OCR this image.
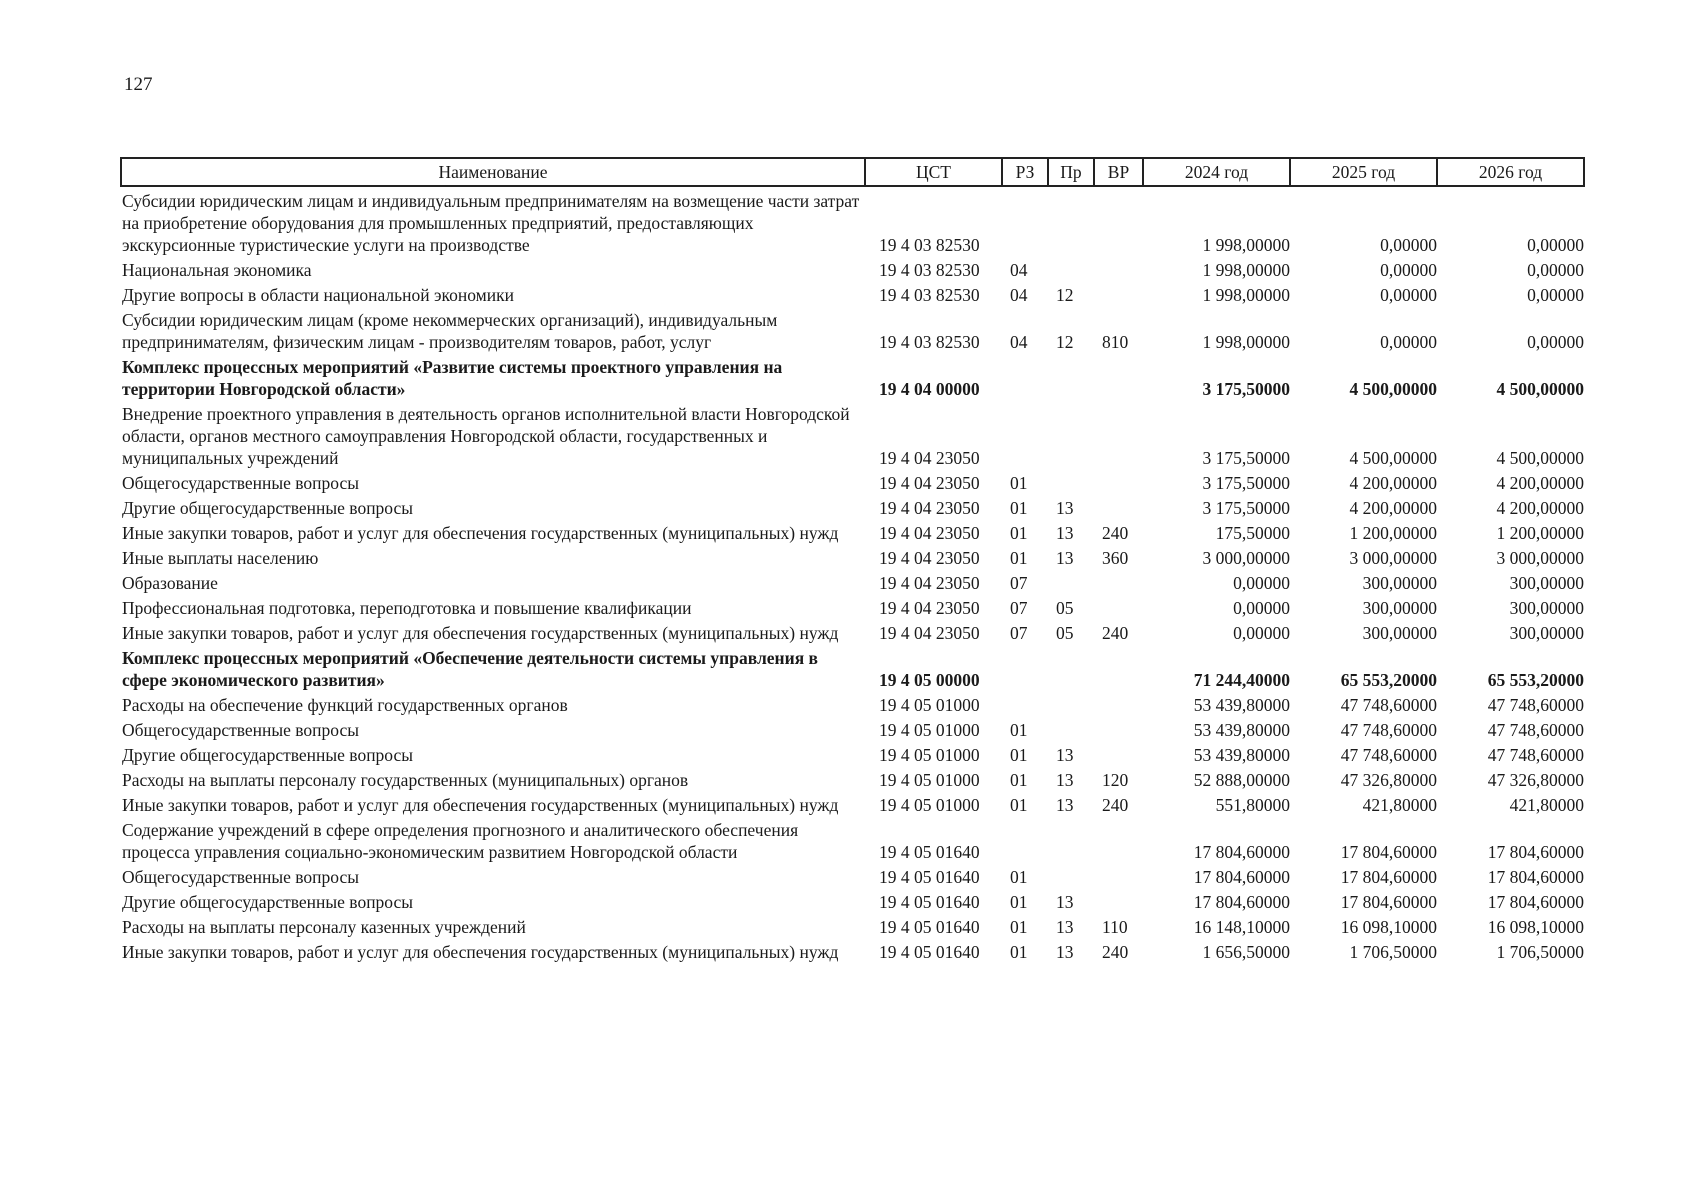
127
Наименование	ЦСТ	РЗ	Пр	ВР	2024 год	2025 год	2026 год
Субсидии юридическим лицам и индивидуальным предпринимателям на возмещение части затрат на приобретение оборудования для промышленных предприятий, предоставляющих экскурсионные туристические услуги на производстве	19 4 03 82530				1 998,00000	0,00000	0,00000
Национальная экономика	19 4 03 82530	04			1 998,00000	0,00000	0,00000
Другие вопросы в области национальной экономики	19 4 03 82530	04	12		1 998,00000	0,00000	0,00000
Субсидии юридическим лицам (кроме некоммерческих организаций), индивидуальным предпринимателям, физическим лицам - производителям товаров, работ, услуг	19 4 03 82530	04	12	810	1 998,00000	0,00000	0,00000
Комплекс процессных мероприятий «Развитие системы проектного управления на территории Новгородской области»	19 4 04 00000				3 175,50000	4 500,00000	4 500,00000
Внедрение проектного управления в деятельность органов исполнительной власти Новгородской области, органов местного самоуправления Новгородской области, государственных и муниципальных учреждений	19 4 04 23050				3 175,50000	4 500,00000	4 500,00000
Общегосударственные вопросы	19 4 04 23050	01			3 175,50000	4 200,00000	4 200,00000
Другие общегосударственные вопросы	19 4 04 23050	01	13		3 175,50000	4 200,00000	4 200,00000
Иные закупки товаров, работ и услуг для обеспечения государственных (муниципальных) нужд	19 4 04 23050	01	13	240	175,50000	1 200,00000	1 200,00000
Иные выплаты населению	19 4 04 23050	01	13	360	3 000,00000	3 000,00000	3 000,00000
Образование	19 4 04 23050	07			0,00000	300,00000	300,00000
Профессиональная подготовка, переподготовка и повышение квалификации	19 4 04 23050	07	05		0,00000	300,00000	300,00000
Иные закупки товаров, работ и услуг для обеспечения государственных (муниципальных) нужд	19 4 04 23050	07	05	240	0,00000	300,00000	300,00000
Комплекс процессных мероприятий «Обеспечение деятельности системы управления в сфере экономического развития»	19 4 05 00000				71 244,40000	65 553,20000	65 553,20000
Расходы на обеспечение функций государственных органов	19 4 05 01000				53 439,80000	47 748,60000	47 748,60000
Общегосударственные вопросы	19 4 05 01000	01			53 439,80000	47 748,60000	47 748,60000
Другие общегосударственные вопросы	19 4 05 01000	01	13		53 439,80000	47 748,60000	47 748,60000
Расходы на выплаты персоналу государственных (муниципальных) органов	19 4 05 01000	01	13	120	52 888,00000	47 326,80000	47 326,80000
Иные закупки товаров, работ и услуг для обеспечения государственных (муниципальных) нужд	19 4 05 01000	01	13	240	551,80000	421,80000	421,80000
Содержание учреждений в сфере определения прогнозного и аналитического обеспечения процесса управления социально-экономическим развитием Новгородской области	19 4 05 01640				17 804,60000	17 804,60000	17 804,60000
Общегосударственные вопросы	19 4 05 01640	01			17 804,60000	17 804,60000	17 804,60000
Другие общегосударственные вопросы	19 4 05 01640	01	13		17 804,60000	17 804,60000	17 804,60000
Расходы на выплаты персоналу казенных учреждений	19 4 05 01640	01	13	110	16 148,10000	16 098,10000	16 098,10000
Иные закупки товаров, работ и услуг для обеспечения государственных (муниципальных) нужд	19 4 05 01640	01	13	240	1 656,50000	1 706,50000	1 706,50000
